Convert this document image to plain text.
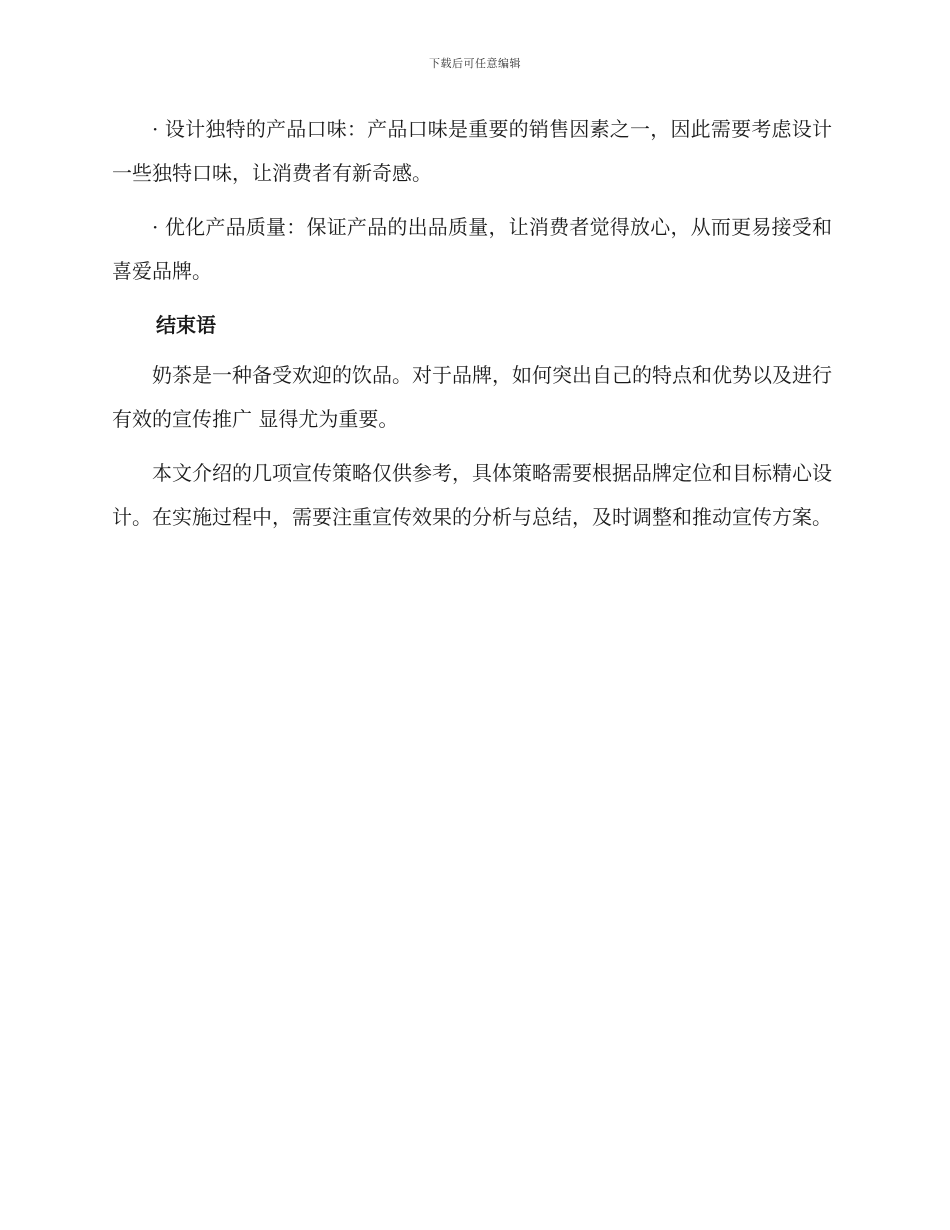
下载后可任意编辑

· 设计独特的产品口味：产品口味是重要的销售因素之一，因此需要考虑设计一些独特口味，让消费者有新奇感。

· 优化产品质量：保证产品的出品质量，让消费者觉得放心，从而更易接受和喜爱品牌。

结束语

奶茶是一种备受欢迎的饮品。对于品牌，如何突出自己的特点和优势以及进行有效的宣传推广 显得尤为重要。

本文介绍的几项宣传策略仅供参考，具体策略需要根据品牌定位和目标精心设计。在实施过程中，需要注重宣传效果的分析与总结，及时调整和推动宣传方案。
